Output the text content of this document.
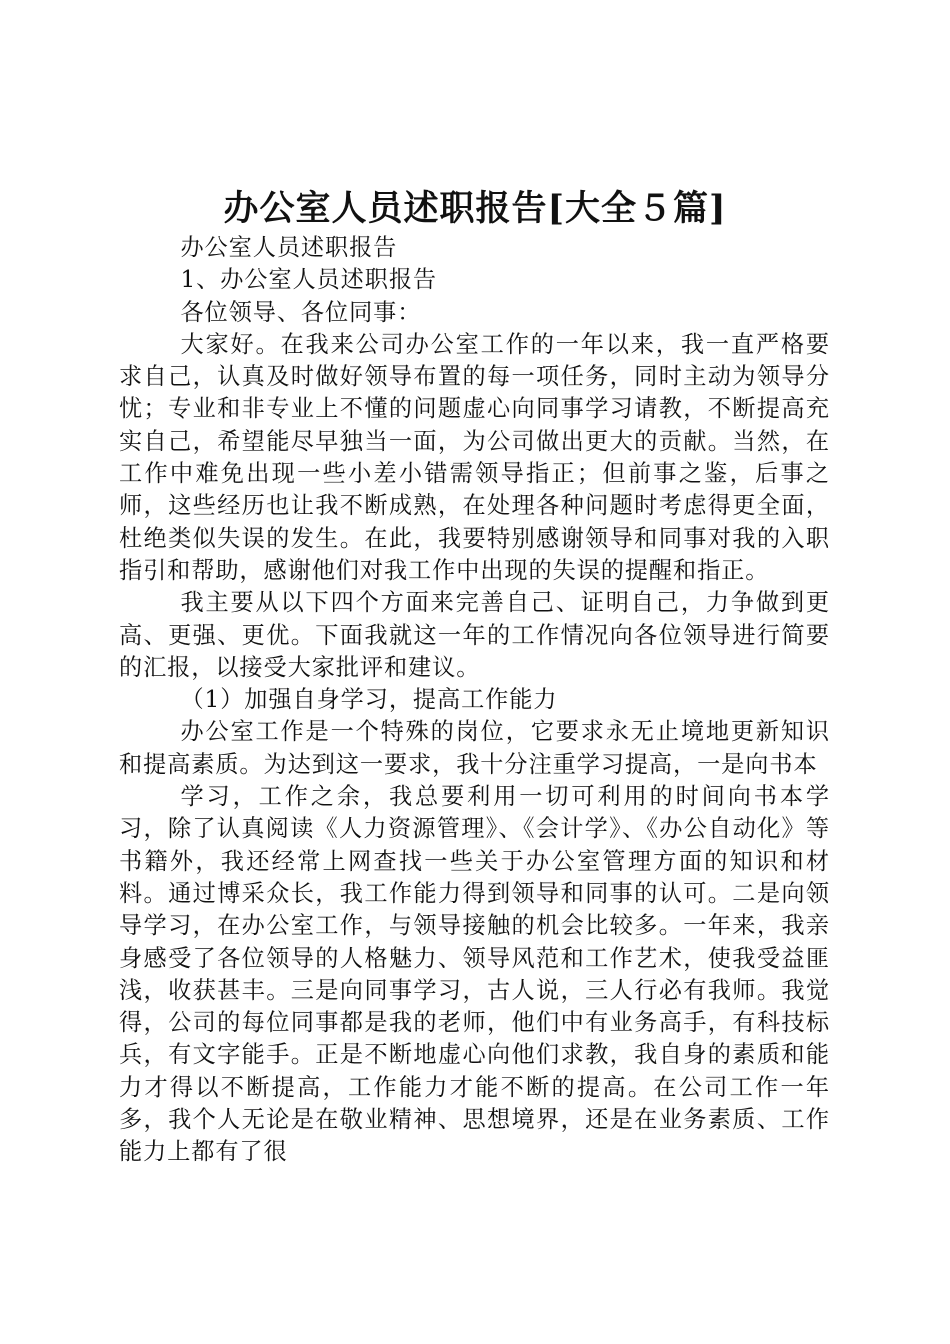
办公室人员述职报告[大全５篇]

办公室人员述职报告

1、办公室人员述职报告

各位领导、各位同事：

大家好。在我来公司办公室工作的一年以来，我一直严格要求自己，认真及时做好领导布置的每一项任务，同时主动为领导分忧；专业和非专业上不懂的问题虚心向同事学习请教，不断提高充实自己，希望能尽早独当一面，为公司做出更大的贡献。当然，在工作中难免出现一些小差小错需领导指正；但前事之鉴，后事之师，这些经历也让我不断成熟，在处理各种问题时考虑得更全面，杜绝类似失误的发生。在此，我要特别感谢领导和同事对我的入职指引和帮助，感谢他们对我工作中出现的失误的提醒和指正。

我主要从以下四个方面来完善自己、证明自己，力争做到更高、更强、更优。下面我就这一年的工作情况向各位领导进行简要的汇报，以接受大家批评和建议。

（1）加强自身学习，提高工作能力

办公室工作是一个特殊的岗位，它要求永无止境地更新知识和提高素质。为达到这一要求，我十分注重学习提高，一是向书本

学习，工作之余，我总要利用一切可利用的时间向书本学习，除了认真阅读《人力资源管理》、《会计学》、《办公自动化》等书籍外，我还经常上网查找一些关于办公室管理方面的知识和材料。通过博采众长，我工作能力得到领导和同事的认可。二是向领导学习，在办公室工作，与领导接触的机会比较多。一年来，我亲身感受了各位领导的人格魅力、领导风范和工作艺术，使我受益匪浅，收获甚丰。三是向同事学习，古人说，三人行必有我师。我觉得，公司的每位同事都是我的老师，他们中有业务高手，有科技标兵，有文字能手。正是不断地虚心向他们求教，我自身的素质和能力才得以不断提高，工作能力才能不断的提高。在公司工作一年多，我个人无论是在敬业精神、思想境界，还是在业务素质、工作能力上都有了很
